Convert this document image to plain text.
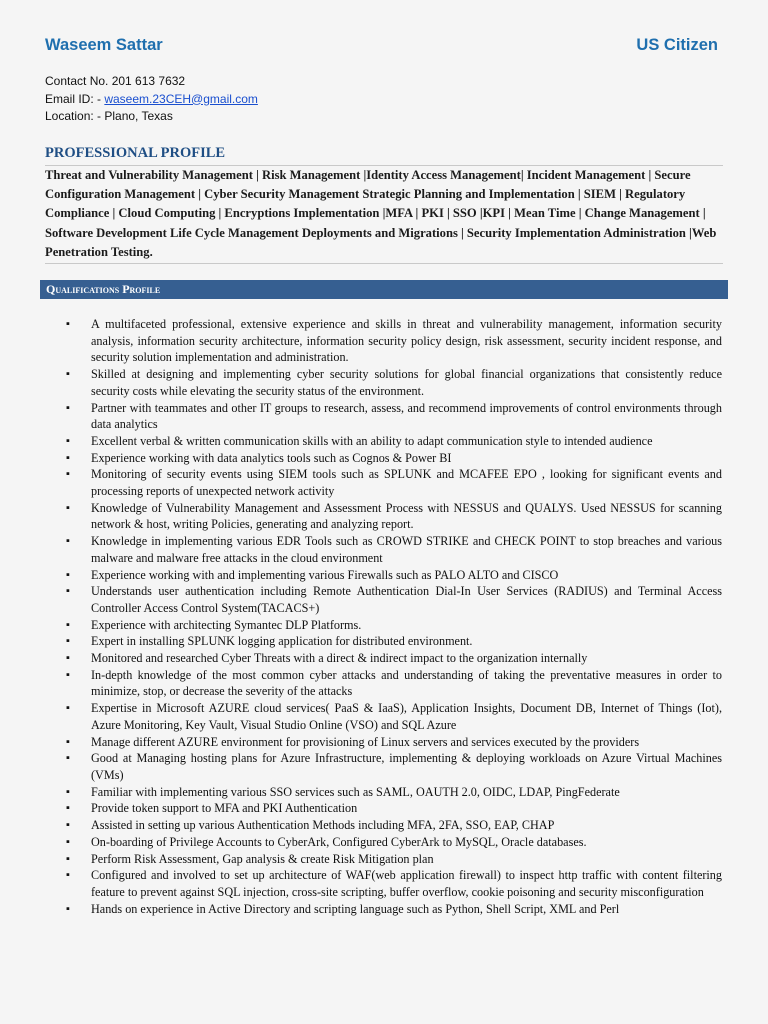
Waseem Sattar	US Citizen
Contact No. 201 613 7632
Email ID: - waseem.23CEH@gmail.com
Location: - Plano, Texas
PROFESSIONAL PROFILE
Threat and Vulnerability Management | Risk Management |Identity Access Management| Incident Management | Secure Configuration Management | Cyber Security Management Strategic Planning and Implementation | SIEM | Regulatory Compliance | Cloud Computing | Encryptions Implementation |MFA | PKI | SSO |KPI | Mean Time | Change Management | Software Development Life Cycle Management Deployments and Migrations | Security Implementation Administration |Web Penetration Testing.
Qualifications Profile
▪ A multifaceted professional, extensive experience and skills in threat and vulnerability management, information security analysis, information security architecture, information security policy design, risk assessment, security incident response, and security solution implementation and administration.
▪ Skilled at designing and implementing cyber security solutions for global financial organizations that consistently reduce security costs while elevating the security status of the environment.
▪ Partner with teammates and other IT groups to research, assess, and recommend improvements of control environments through data analytics
▪ Excellent verbal & written communication skills with an ability to adapt communication style to intended audience
▪ Experience working with data analytics tools such as Cognos & Power BI
▪ Monitoring of security events using SIEM tools such as SPLUNK and MCAFEE EPO , looking for significant events and processing reports of unexpected network activity
▪ Knowledge of Vulnerability Management and Assessment Process with NESSUS and QUALYS. Used NESSUS for scanning network & host, writing Policies, generating and analyzing report.
▪ Knowledge in implementing various EDR Tools such as CROWD STRIKE and CHECK POINT to stop breaches and various malware and malware free attacks in the cloud environment
▪ Experience working with and implementing various Firewalls such as PALO ALTO and CISCO
▪ Understands user authentication including Remote Authentication Dial-In User Services (RADIUS) and Terminal Access Controller Access Control System(TACACS+)
▪ Experience with architecting Symantec DLP Platforms.
▪ Expert in installing SPLUNK logging application for distributed environment.
▪ Monitored and researched Cyber Threats with a direct & indirect impact to the organization internally
▪ In-depth knowledge of the most common cyber attacks and understanding of taking the preventative measures in order to minimize, stop, or decrease the severity of the attacks
▪ Expertise in Microsoft AZURE cloud services( PaaS & IaaS), Application Insights, Document DB, Internet of Things (Iot), Azure Monitoring, Key Vault, Visual Studio Online (VSO) and SQL Azure
▪ Manage different AZURE environment for provisioning of Linux servers and services executed by the providers
▪ Good at Managing hosting plans for Azure Infrastructure, implementing & deploying workloads on Azure Virtual Machines (VMs)
▪ Familiar with implementing various SSO services such as SAML, OAUTH 2.0, OIDC, LDAP, PingFederate
▪ Provide token support to MFA and PKI Authentication
▪ Assisted in setting up various Authentication Methods including MFA, 2FA, SSO, EAP, CHAP
▪ On-boarding of Privilege Accounts to CyberArk, Configured CyberArk to MySQL, Oracle databases.
▪ Perform Risk Assessment, Gap analysis & create Risk Mitigation plan
▪ Configured and involved to set up architecture of WAF(web application firewall) to inspect http traffic with content filtering feature to prevent against SQL injection, cross-site scripting, buffer overflow, cookie poisoning and security misconfiguration
▪ Hands on experience in Active Directory and scripting language such as Python, Shell Script, XML and Perl
